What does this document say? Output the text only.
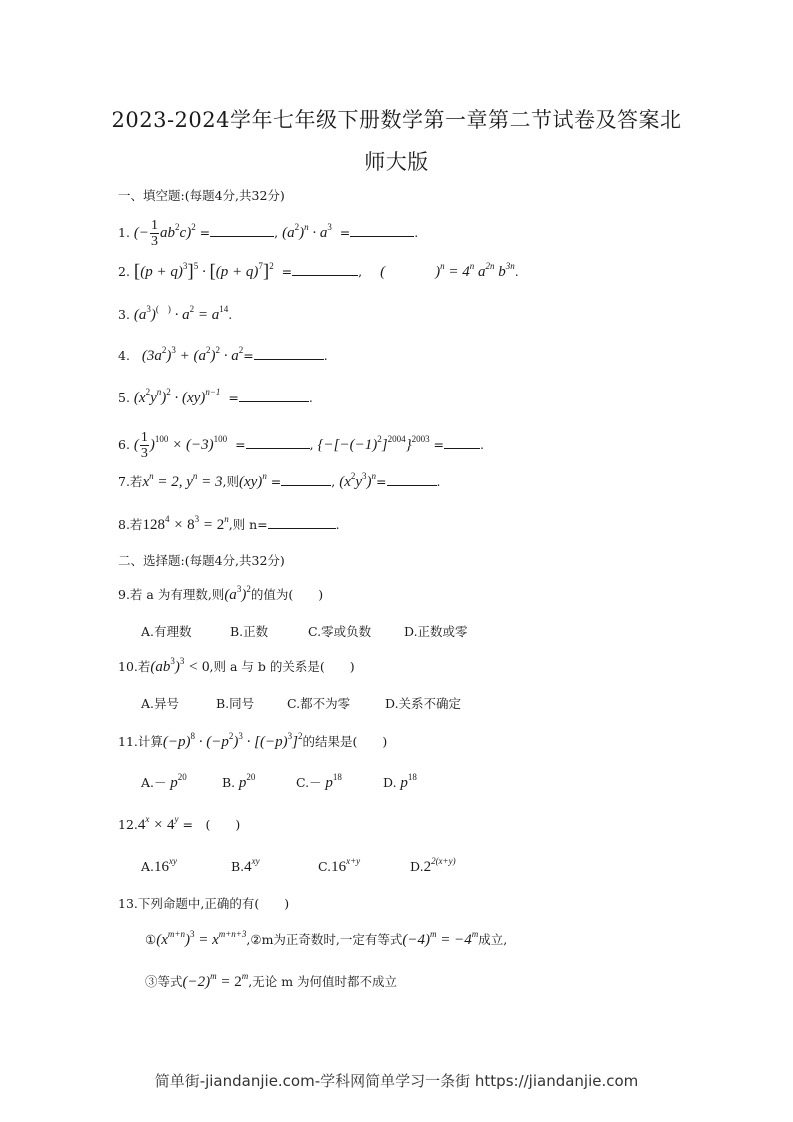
2023-2024学年七年级下册数学第一章第二节试卷及答案北
师大版
一、填空题:(每题4分,共32分)
1. (− $\frac{1}{3} ab^2c)^2$ =	, $(a^2)^n \cdot a^3$  =	.
2. $[(p + q)^3]^5 \cdot [(p + q)^7]^2$  =	, (	)$^n = 4^n$ $a^{2n}$ $b^{3n}$.
3. $(a^3)^{( )} \cdot a^2 = a^{14}$.
4. $(3a^2)^3 + (a^2)^2 \cdot a^2=$	.
5. $(x^2y^n)^2 \cdot (xy)^{n-1}$  =	.
6. ( $\frac{1}{3} )^{100} \times (-3)^{100}$  =	, $\{-[-(-1)^2]^{2004}\}^{2003}$ =	.
7.若$x^n = 2$, $y^n = 3$,则(xy)$^n$ =	, $(x^2y^3)^n=$	.
8.若$128^4 \times 8^3 = 2^n$,则 n=	.
二、选择题:(每题4分,共32分)
9.若 a 为有理数,则$(a^3)^2$的值为(　　)
A.有理数	B.正数	C.零或负数	D.正数或零
10.若$(ab^3)^3 < 0$,则 a 与 b 的关系是(　　)
A.异号	B.同号	C.都不为零	D.关系不确定
11.计算$(-p)^8 \cdot (-p^2)^3 \cdot [(-p)^3]^2$的结果是(　　)
$A.- p^{20}$	B. $p^{20}$	$C.- p^{18}$	D. $p^{18}$
$12.4^x \times 4^y$ =　(　　)
$A.16^{xy}$	$B.4^{xy}$	$C.16^{x+y}$	$D.2^{2(x+y)}$
13.下列命题中,正确的有(　　)
$①(x^{m+n})^3$ = $x^{m+n+3},②m$为正奇数时,一定有等式$(-4)^m = -4^m$成立,
③等式$(-2)^m = 2^m$,无论 m 为何值时都不成立
简单街-jiandanjie.com-学科网简单学习一条街 https://jiandanjie.com
